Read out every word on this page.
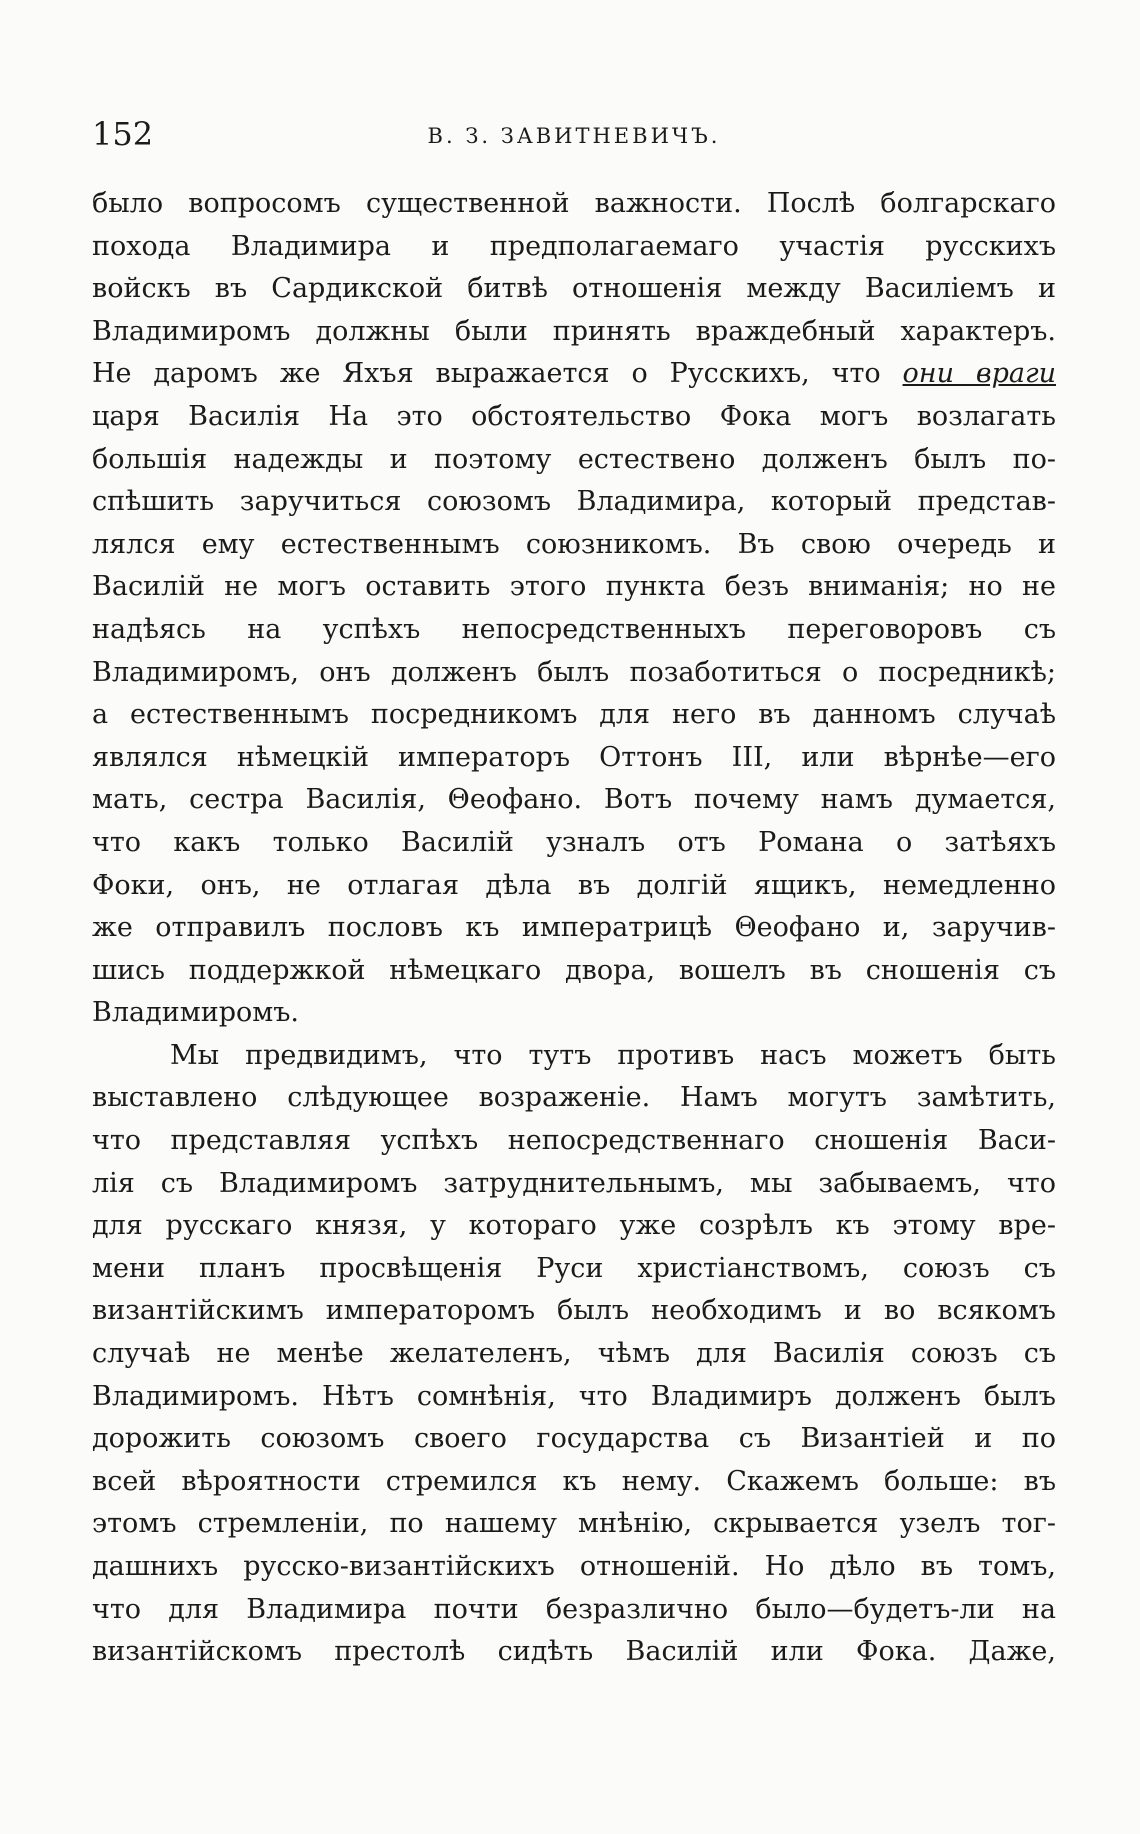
152	В. З. ЗАВИТНЕВИЧЪ.
было вопросомъ существенной важности. Послѣ болгарскаго
похода Владимира и предполагаемаго участія русскихъ
войскъ въ Сардикской битвѣ отношенія между Василіемъ и
Владимиромъ должны были принять враждебный характеръ.
Не даромъ же Яхъя выражается о Русскихъ, что они враги
царя Василія На это обстоятельство Фока могъ возлагать
большія надежды и поэтому естествено долженъ былъ по-
спѣшить заручиться союзомъ Владимира, который представ-
лялся ему естественнымъ союзникомъ. Въ свою очередь и
Василій не могъ оставить этого пункта безъ вниманія; но не
надѣясь на успѣхъ непосредственныхъ переговоровъ съ
Владимиромъ, онъ долженъ былъ позаботиться о посредникѣ;
а естественнымъ посредникомъ для него въ данномъ случаѣ
являлся нѣмецкій императоръ Оттонъ III, или вѣрнѣе—его
мать, сестра Василія, Θеофано. Вотъ почему намъ думается,
что какъ только Василій узналъ отъ Романа о затѣяхъ
Фоки, онъ, не отлагая дѣла въ долгій ящикъ, немедленно
же отправилъ пословъ къ императрицѣ Θеофано и, заручив-
шись поддержкой нѣмецкаго двора, вошелъ въ сношенія съ
Владимиромъ.
Мы предвидимъ, что тутъ противъ насъ можетъ быть
выставлено слѣдующее возраженіе. Намъ могутъ замѣтить,
что представляя успѣхъ непосредственнаго сношенія Васи-
лія съ Владимиромъ затруднительнымъ, мы забываемъ, что
для русскаго князя, у котораго уже созрѣлъ къ этому вре-
мени планъ просвѣщенія Руси христіанствомъ, союзъ съ
византійскимъ императоромъ былъ необходимъ и во всякомъ
случаѣ не менѣе желателенъ, чѣмъ для Василія союзъ съ
Владимиромъ. Нѣтъ сомнѣнія, что Владимиръ долженъ былъ
дорожить союзомъ своего государства съ Византіей и по
всей вѣроятности стремился къ нему. Скажемъ больше: въ
этомъ стремленіи, по нашему мнѣнію, скрывается узелъ тог-
дашнихъ русско-византійскихъ отношеній. Но дѣло въ томъ,
что для Владимира почти безразлично было—будетъ-ли на
византійскомъ престолѣ сидѣть Василій или Фока. Даже,
